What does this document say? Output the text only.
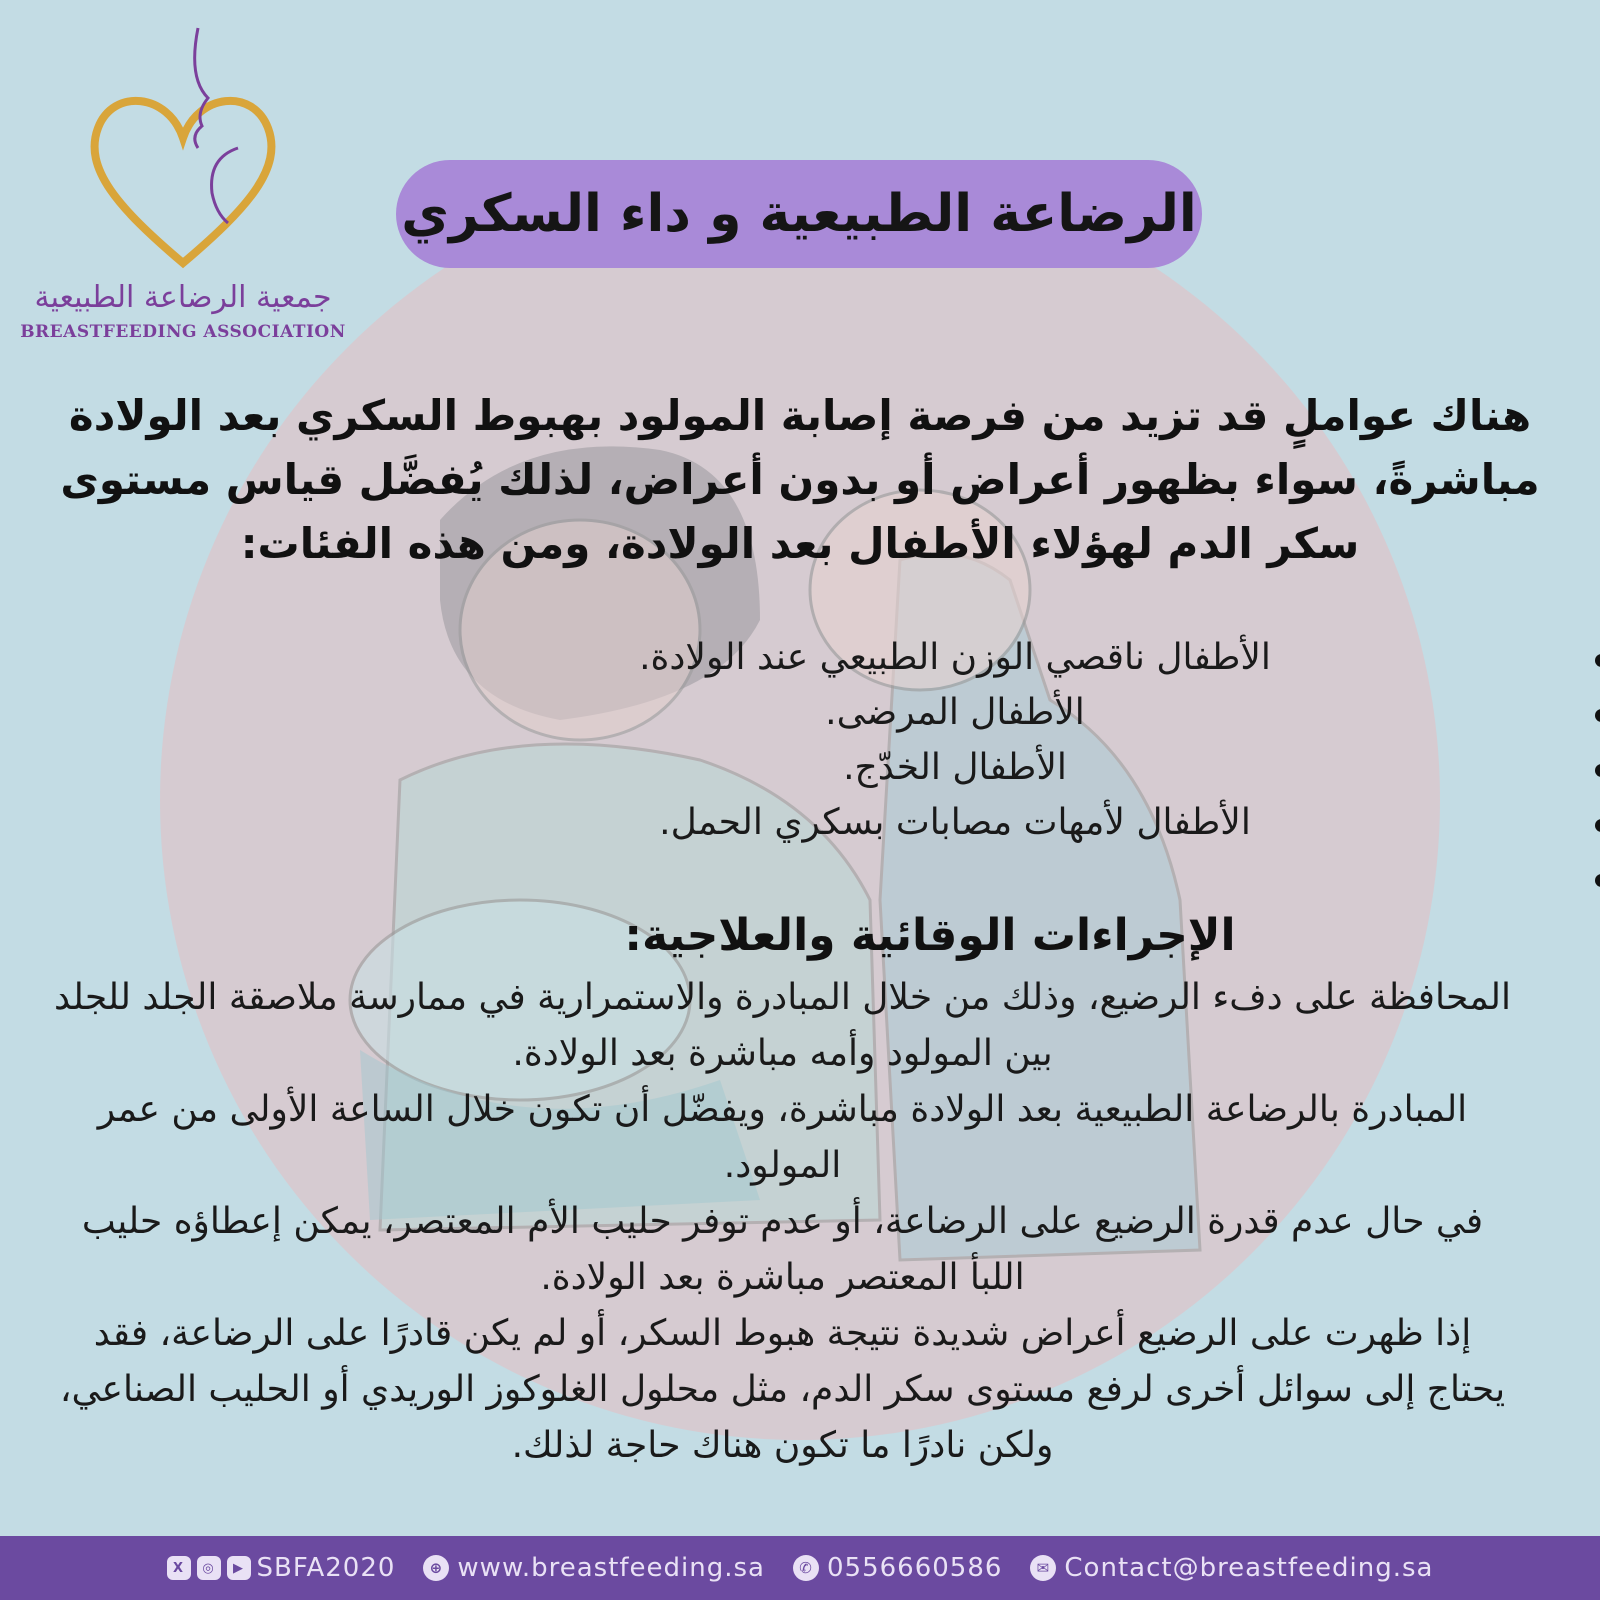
جمعية الرضاعة الطبيعية
BREASTFEEDING ASSOCIATION
الرضاعة الطبيعية و داء السكري
هناك عواملٍ قد تزيد من فرصة إصابة المولود بهبوط السكري بعد الولادة مباشرةً، سواء بظهور أعراض أو بدون أعراض، لذلك يُفضَّل قياس مستوى سكر الدم لهؤلاء الأطفال بعد الولادة، ومن هذه الفئات:
الأطفال ناقصي الوزن الطبيعي عند الولادة.
الأطفال المرضى.
الأطفال الخدّج.
الأطفال لأمهات مصابات بسكري الحمل.
الإجراءات الوقائية والعلاجية:
المحافظة على دفء الرضيع، وذلك من خلال المبادرة والاستمرارية في ممارسة ملاصقة الجلد للجلد بين المولود وأمه مباشرة بعد الولادة.
المبادرة بالرضاعة الطبيعية بعد الولادة مباشرة، ويفضّل أن تكون خلال الساعة الأولى من عمر المولود.
في حال عدم قدرة الرضيع على الرضاعة، أو عدم توفر حليب الأم المعتصر، يمكن إعطاؤه حليب اللبأ المعتصر مباشرة بعد الولادة.
إذا ظهرت على الرضيع أعراض شديدة نتيجة هبوط السكر، أو لم يكن قادرًا على الرضاعة، فقد يحتاج إلى سوائل أخرى لرفع مستوى سكر الدم، مثل محلول الغلوكوز الوريدي أو الحليب الصناعي، ولكن نادرًا ما تكون هناك حاجة لذلك.
X	◎	▶ SBFA2020	⊕ www.breastfeeding.sa	✆ 0556660586	✉ Contact@breastfeeding.sa
